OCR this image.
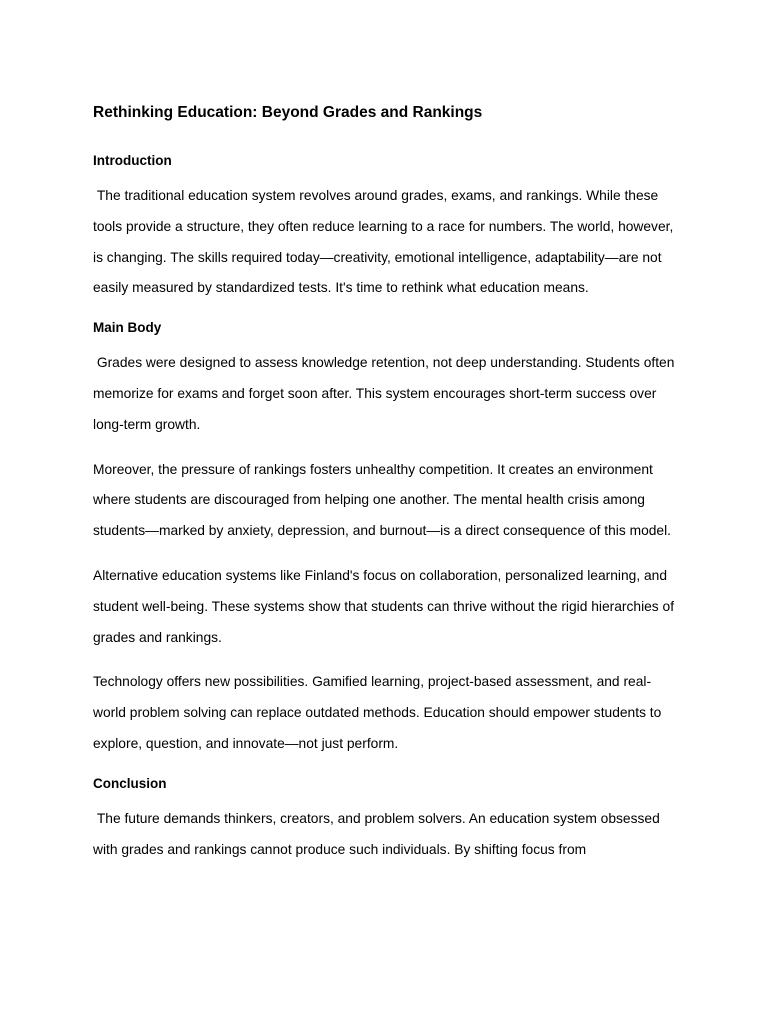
Rethinking Education: Beyond Grades and Rankings
Introduction

The traditional education system revolves around grades, exams, and rankings. While these tools provide a structure, they often reduce learning to a race for numbers. The world, however, is changing. The skills required today—creativity, emotional intelligence, adaptability—are not easily measured by standardized tests. It's time to rethink what education means.

Main Body

Grades were designed to assess knowledge retention, not deep understanding. Students often memorize for exams and forget soon after. This system encourages short-term success over long-term growth.

Moreover, the pressure of rankings fosters unhealthy competition. It creates an environment where students are discouraged from helping one another. The mental health crisis among students—marked by anxiety, depression, and burnout—is a direct consequence of this model.

Alternative education systems like Finland's focus on collaboration, personalized learning, and student well-being. These systems show that students can thrive without the rigid hierarchies of grades and rankings.

Technology offers new possibilities. Gamified learning, project-based assessment, and real-world problem solving can replace outdated methods. Education should empower students to explore, question, and innovate—not just perform.

Conclusion

The future demands thinkers, creators, and problem solvers. An education system obsessed with grades and rankings cannot produce such individuals. By shifting focus from
